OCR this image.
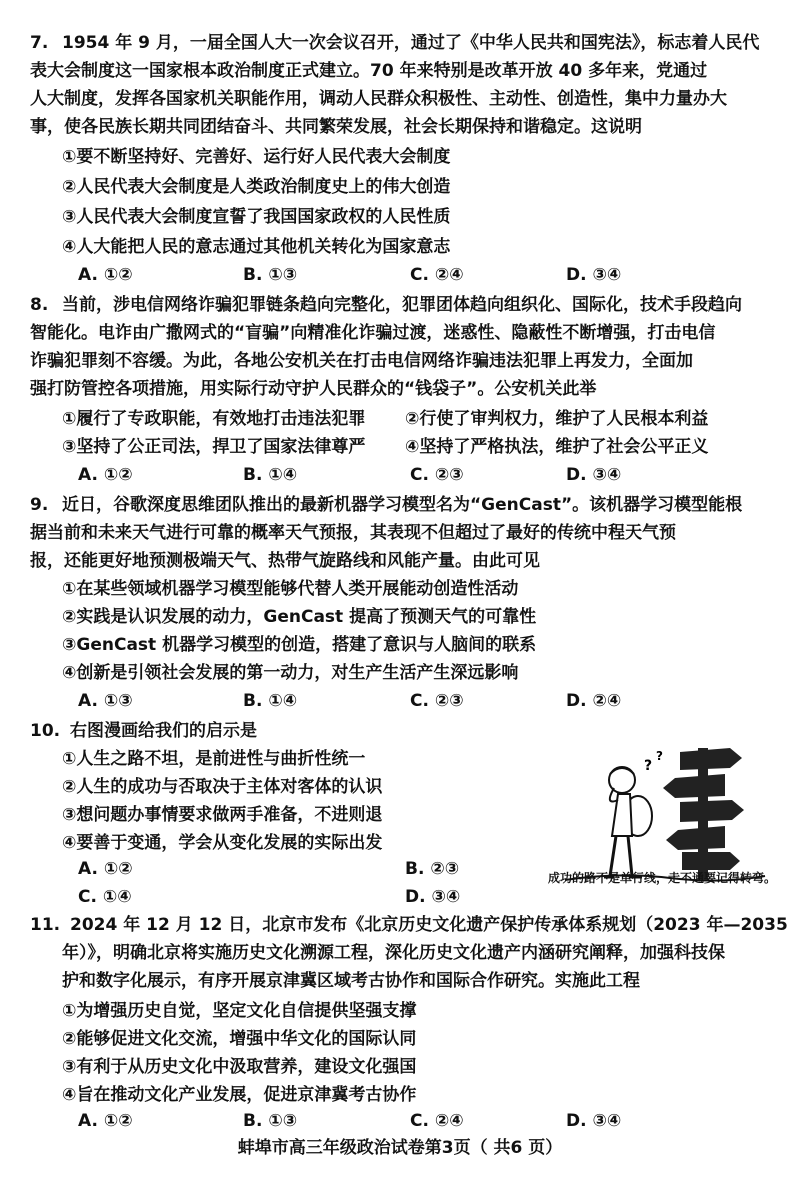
7. 1954 年 9 月，一届全国人大一次会议召开，通过了《中华人民共和国宪法》，标志着人民代
表大会制度这一国家根本政治制度正式建立。70 年来特别是改革开放 40 多年来，党通过
人大制度，发挥各国家机关职能作用，调动人民群众积极性、主动性、创造性，集中力量办大
事，使各民族长期共同团结奋斗、共同繁荣发展，社会长期保持和谐稳定。这说明
①要不断坚持好、完善好、运行好人民代表大会制度
②人民代表大会制度是人类政治制度史上的伟大创造
③人民代表大会制度宣誓了我国国家政权的人民性质
④人大能把人民的意志通过其他机关转化为国家意志
A. ①②	B. ①③	C. ②④	D. ③④
8. 当前，涉电信网络诈骗犯罪链条趋向完整化，犯罪团体趋向组织化、国际化，技术手段趋向
智能化。电诈由广撒网式的“盲骗”向精准化诈骗过渡，迷惑性、隐蔽性不断增强，打击电信
诈骗犯罪刻不容缓。为此，各地公安机关在打击电信网络诈骗违法犯罪上再发力，全面加
强打防管控各项措施，用实际行动守护人民群众的“钱袋子”。公安机关此举
①履行了专政职能，有效地打击违法犯罪 ②行使了审判权力，维护了人民根本利益
③坚持了公正司法，捍卫了国家法律尊严 ④坚持了严格执法，维护了社会公平正义
A. ①②	B. ①④	C. ②③	D. ③④
9. 近日，谷歌深度思维团队推出的最新机器学习模型名为“GenCast”。该机器学习模型能根
据当前和未来天气进行可靠的概率天气预报，其表现不但超过了最好的传统中程天气预
报，还能更好地预测极端天气、热带气旋路线和风能产量。由此可见
①在某些领域机器学习模型能够代替人类开展能动创造性活动
②实践是认识发展的动力，GenCast 提高了预测天气的可靠性
③GenCast 机器学习模型的创造，搭建了意识与人脑间的联系
④创新是引领社会发展的第一动力，对生产生活产生深远影响
A. ①③	B. ①④	C. ②③	D. ②④
10. 右图漫画给我们的启示是
①人生之路不坦，是前进性与曲折性统一
②人生的成功与否取决于主体对客体的认识
③想问题办事情要求做两手准备，不进则退
④要善于变通，学会从变化发展的实际出发
A. ①②	B. ②③
C. ①④	D. ③④
?
?
成功的路不是单行线，走不通要记得转弯。
11. 2024 年 12 月 12 日，北京市发布《北京历史文化遗产保护传承体系规划（2023 年—2035
年）》，明确北京将实施历史文化溯源工程，深化历史文化遗产内涵研究阐释，加强科技保
护和数字化展示，有序开展京津冀区域考古协作和国际合作研究。实施此工程
①为增强历史自觉，坚定文化自信提供坚强支撑
②能够促进文化交流，增强中华文化的国际认同
③有利于从历史文化中汲取营养，建设文化强国
④旨在推动文化产业发展，促进京津冀考古协作
A. ①②	B. ①③	C. ②④	D. ③④
蚌埠市高三年级政治试卷第3页（ 共6 页）
